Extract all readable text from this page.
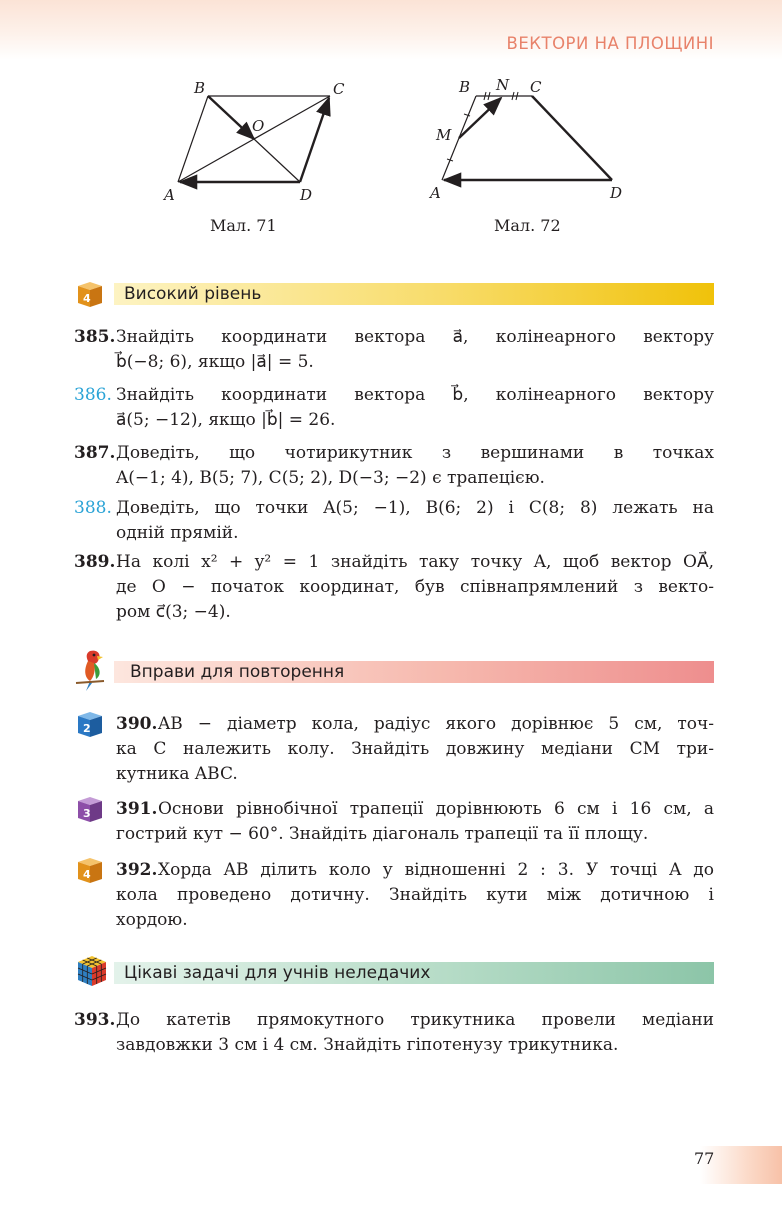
ВЕКТОРИ НА ПЛОЩИНІ
B	C
O
A	D
Мал. 71
B N C
M
A	D
Мал. 72
4 Високий рівень
385. Знайдіть координати вектора a⃗, колінеарного вектору
b⃗(−8; 6), якщо |a⃗| = 5.
386. Знайдіть координати вектора b⃗, колінеарного вектору
a⃗(5; −12), якщо |b⃗| = 26.
387. Доведіть, що чотирикутник з вершинами в точках
A(−1; 4), B(5; 7), C(5; 2), D(−3; −2) є трапецією.
388. Доведіть, що точки A(5; −1), B(6; 2) і C(8; 8) лежать на
одній прямій.
389. На колі x² + y² = 1 знайдіть таку точку A, щоб вектор OA⃗,
де O − початок координат, був співнапрямлений з векто-
ром c⃗(3; −4).
Вправи для повторення
2 390. AB − діаметр кола, радіус якого дорівнює 5 см, точ-
ка C належить колу. Знайдіть довжину медіани CM три-
кутника ABC.
3 391. Основи рівнобічної трапеції дорівнюють 6 см і 16 см, а
гострий кут − 60°. Знайдіть діагональ трапеції та її площу.
4 392. Хорда AB ділить коло у відношенні 2 : 3. У точці A до
кола проведено дотичну. Знайдіть кути між дотичною і
хордою.
Цікаві задачі для учнів неледачих
393. До катетів прямокутного трикутника провели медіани
завдовжки 3 см і 4 см. Знайдіть гіпотенузу трикутника.
77
